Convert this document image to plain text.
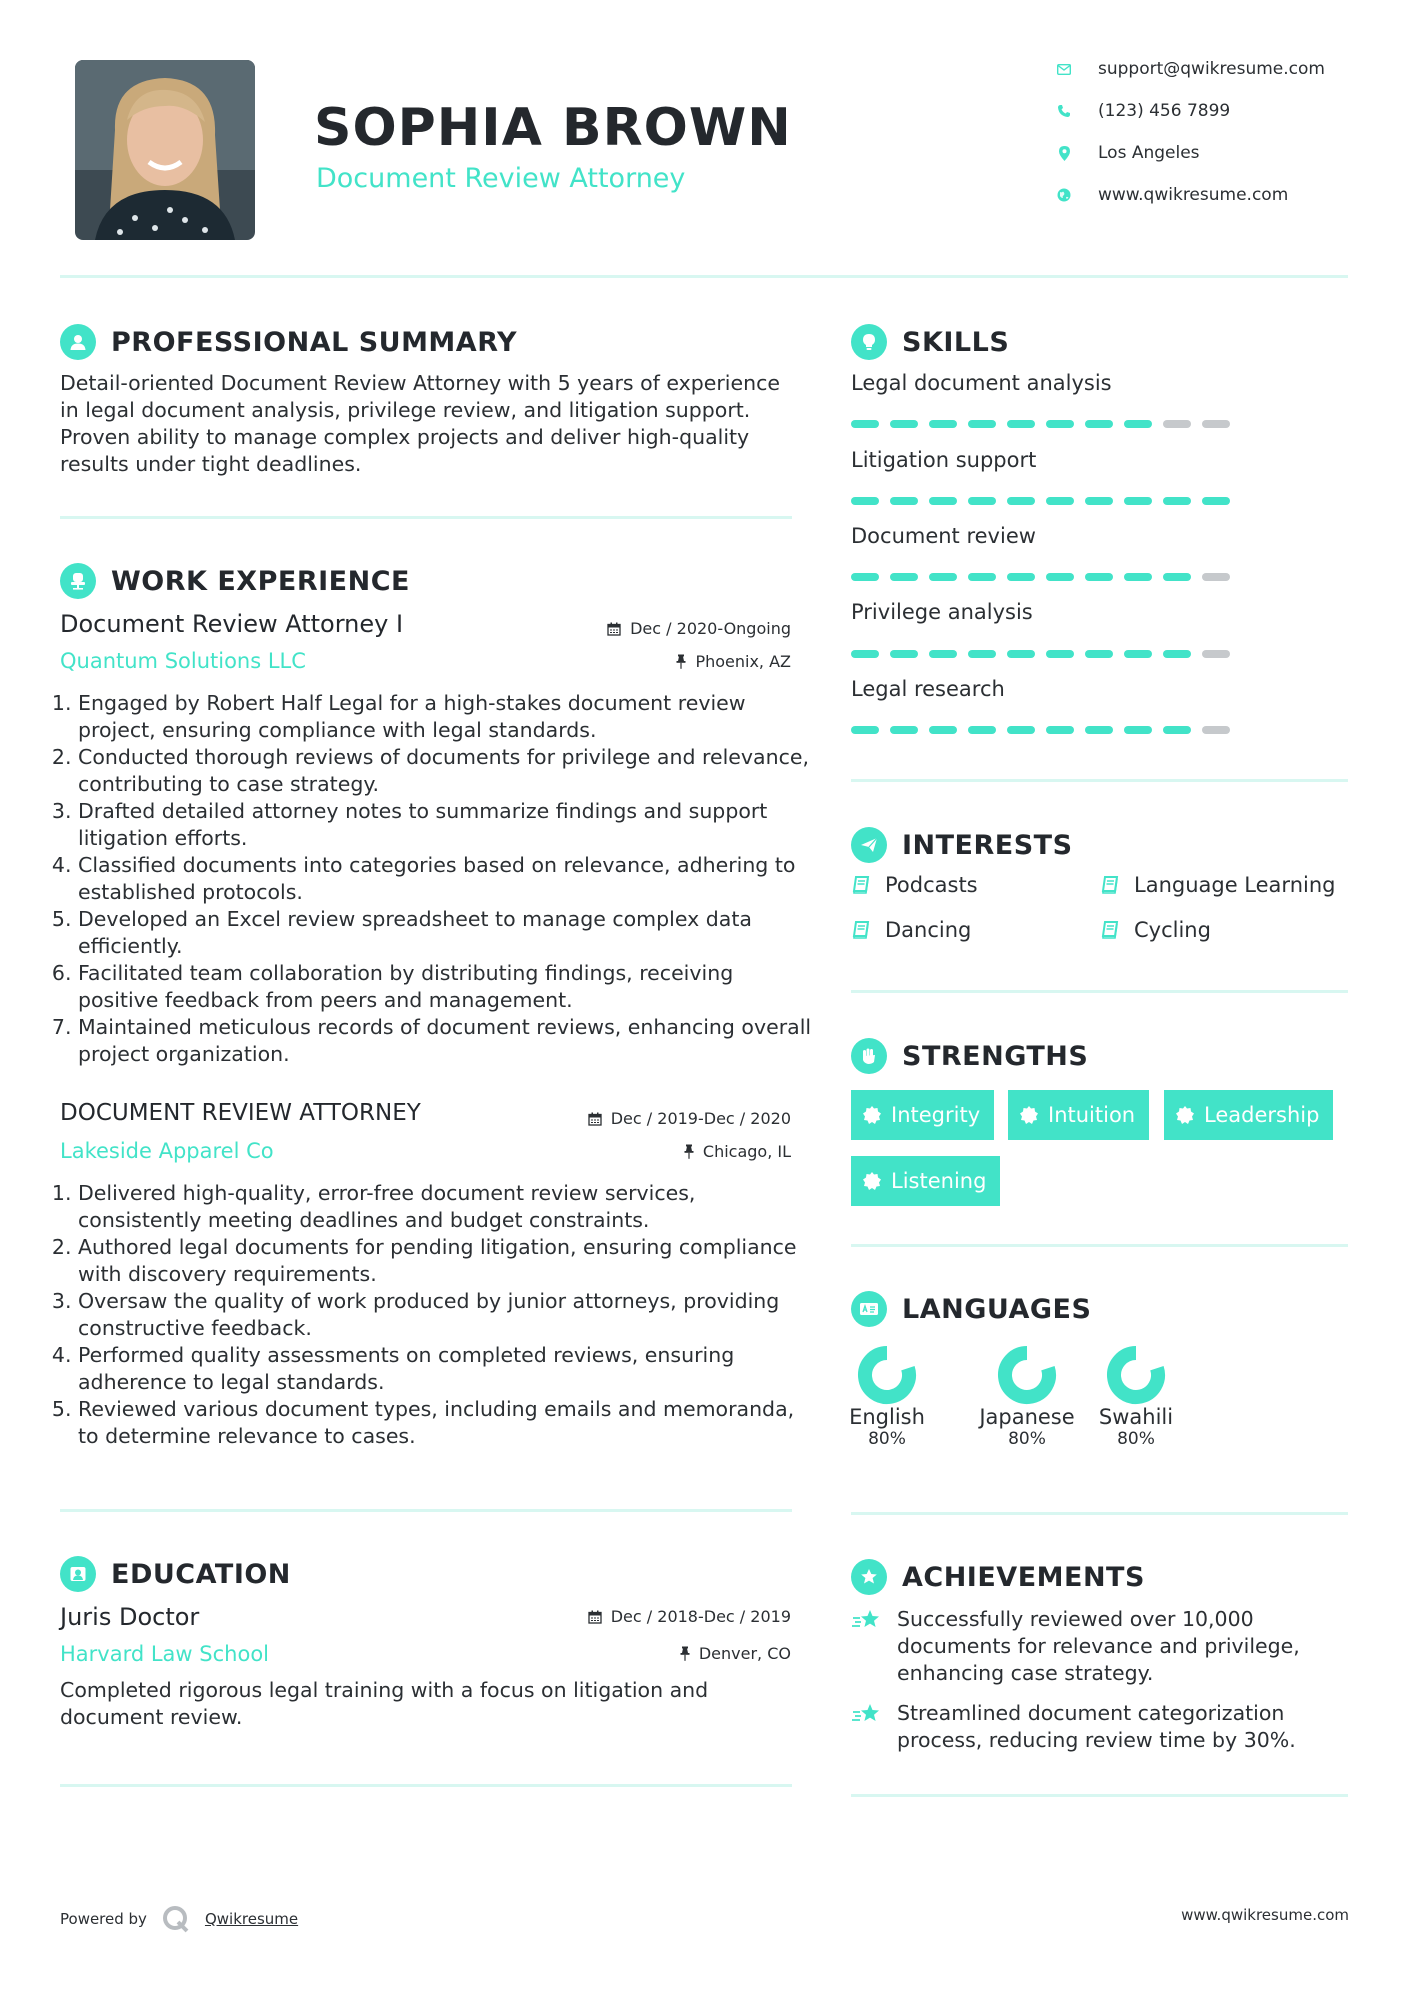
SOPHIA BROWN
Document Review Attorney
support@qwikresume.com
(123) 456 7899
Los Angeles
www.qwikresume.com
PROFESSIONAL SUMMARY
Detail-oriented Document Review Attorney with 5 years of experience in legal document analysis, privilege review, and litigation support. Proven ability to manage complex projects and deliver high-quality results under tight deadlines.
WORK EXPERIENCE
Document Review Attorney I	Dec / 2020-Ongoing
Quantum Solutions LLC	Phoenix, AZ
1. Engaged by Robert Half Legal for a high-stakes document review project, ensuring compliance with legal standards.
2. Conducted thorough reviews of documents for privilege and relevance, contributing to case strategy.
3. Drafted detailed attorney notes to summarize findings and support litigation efforts.
4. Classified documents into categories based on relevance, adhering to established protocols.
5. Developed an Excel review spreadsheet to manage complex data efficiently.
6. Facilitated team collaboration by distributing findings, receiving positive feedback from peers and management.
7. Maintained meticulous records of document reviews, enhancing overall project organization.
DOCUMENT REVIEW ATTORNEY	Dec / 2019-Dec / 2020
Lakeside Apparel Co	Chicago, IL
1. Delivered high-quality, error-free document review services, consistently meeting deadlines and budget constraints.
2. Authored legal documents for pending litigation, ensuring compliance with discovery requirements.
3. Oversaw the quality of work produced by junior attorneys, providing constructive feedback.
4. Performed quality assessments on completed reviews, ensuring adherence to legal standards.
5. Reviewed various document types, including emails and memoranda, to determine relevance to cases.
EDUCATION
Juris Doctor	Dec / 2018-Dec / 2019
Harvard Law School	Denver, CO
Completed rigorous legal training with a focus on litigation and document review.
SKILLS
Legal document analysis
Litigation support
Document review
Privilege analysis
Legal research
INTERESTS
Podcasts	Language Learning
Dancing	Cycling
STRENGTHS
Integrity	Intuition	Leadership
Listening
LANGUAGES
English
80%
Japanese
80%
Swahili
80%
ACHIEVEMENTS
Successfully reviewed over 10,000 documents for relevance and privilege, enhancing case strategy.
Streamlined document categorization process, reducing review time by 30%.
Powered by	Qwikresume	www.qwikresume.com
